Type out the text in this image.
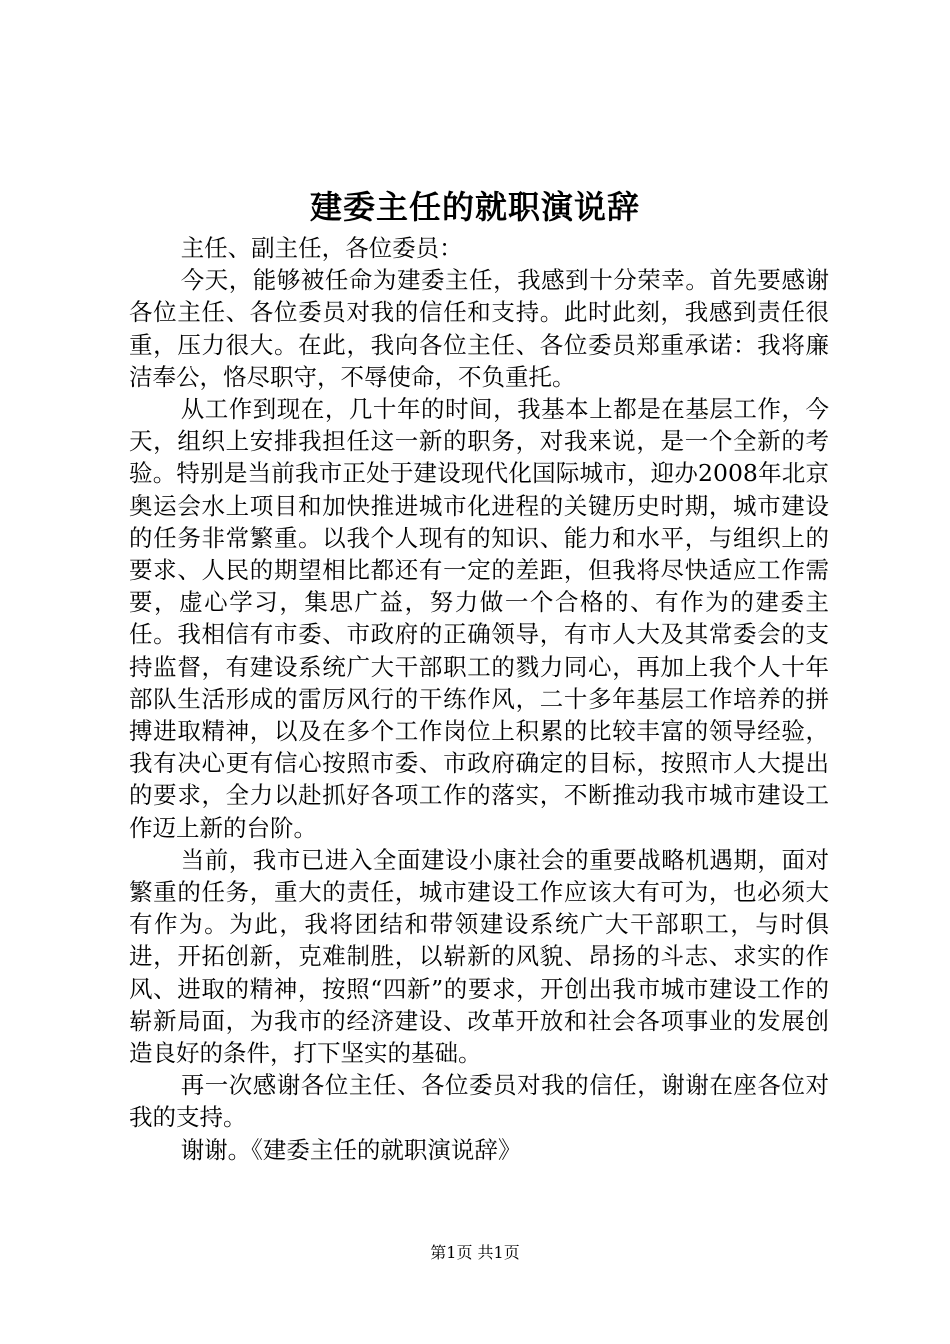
建委主任的就职演说辞

主任、副主任，各位委员：

今天，能够被任命为建委主任，我感到十分荣幸。首先要感谢各位主任、各位委员对我的信任和支持。此时此刻，我感到责任很重，压力很大。在此，我向各位主任、各位委员郑重承诺：我将廉洁奉公，恪尽职守，不辱使命，不负重托。

从工作到现在，几十年的时间，我基本上都是在基层工作，今天，组织上安排我担任这一新的职务，对我来说，是一个全新的考验。特别是当前我市正处于建设现代化国际城市，迎办2008年北京奥运会水上项目和加快推进城市化进程的关键历史时期，城市建设的任务非常繁重。以我个人现有的知识、能力和水平，与组织上的要求、人民的期望相比都还有一定的差距，但我将尽快适应工作需要，虚心学习，集思广益，努力做一个合格的、有作为的建委主任。我相信有市委、市政府的正确领导，有市人大及其常委会的支持监督，有建设系统广大干部职工的戮力同心，再加上我个人十年部队生活形成的雷厉风行的干练作风，二十多年基层工作培养的拼搏进取精神，以及在多个工作岗位上积累的比较丰富的领导经验，我有决心更有信心按照市委、市政府确定的目标，按照市人大提出的要求，全力以赴抓好各项工作的落实，不断推动我市城市建设工作迈上新的台阶。

当前，我市已进入全面建设小康社会的重要战略机遇期，面对繁重的任务，重大的责任，城市建设工作应该大有可为，也必须大有作为。为此，我将团结和带领建设系统广大干部职工，与时俱进，开拓创新，克难制胜，以崭新的风貌、昂扬的斗志、求实的作风、进取的精神，按照“四新”的要求，开创出我市城市建设工作的崭新局面，为我市的经济建设、改革开放和社会各项事业的发展创造良好的条件，打下坚实的基础。

再一次感谢各位主任、各位委员对我的信任，谢谢在座各位对我的支持。

谢谢。《建委主任的就职演说辞》

第1页 共1页
